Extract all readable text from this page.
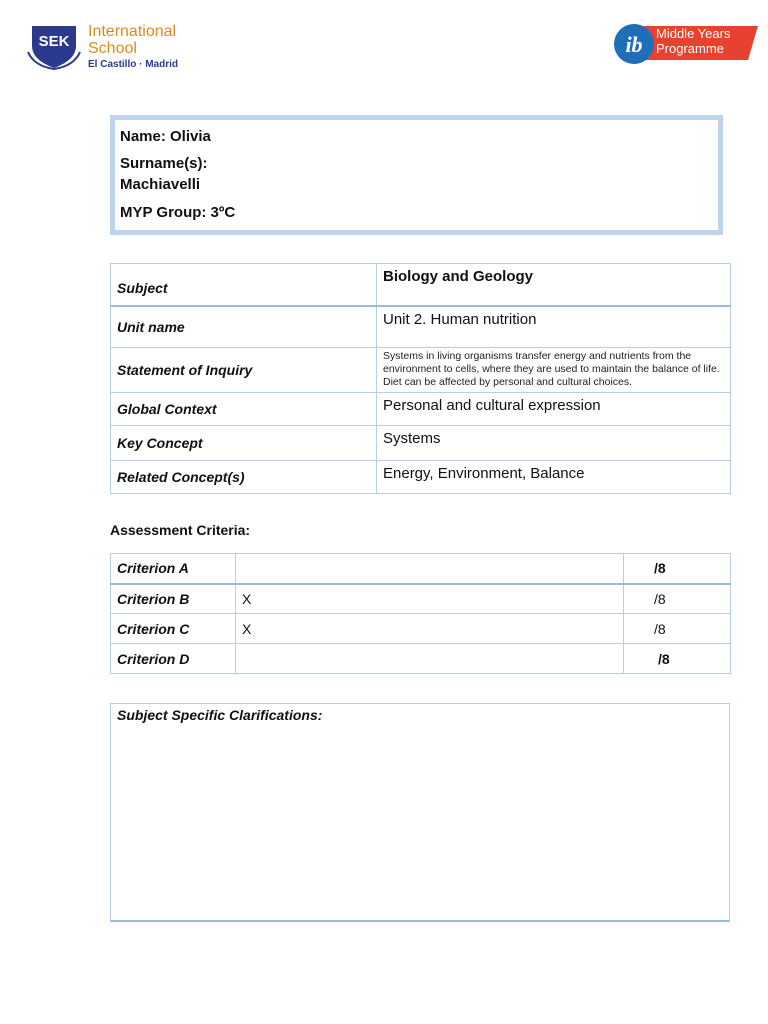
SEK
International
School
El Castillo · Madrid
ib Middle Years
Programme
Name: Olivia
Surname(s):
Machiavelli
MYP Group: 3ºC
Subject	Biology and Geology
Unit name	Unit 2. Human nutrition
Statement of Inquiry	Systems in living organisms transfer energy and nutrients from the environment to cells, where they are used to maintain the balance of life. Diet can be affected by personal and cultural choices.
Global Context	Personal and cultural expression
Key Concept	Systems
Related Concept(s)	Energy, Environment, Balance
Assessment Criteria:
Criterion A		/8
Criterion B	X	/8
Criterion C	X	/8
Criterion D		/8
Subject Specific Clarifications:
